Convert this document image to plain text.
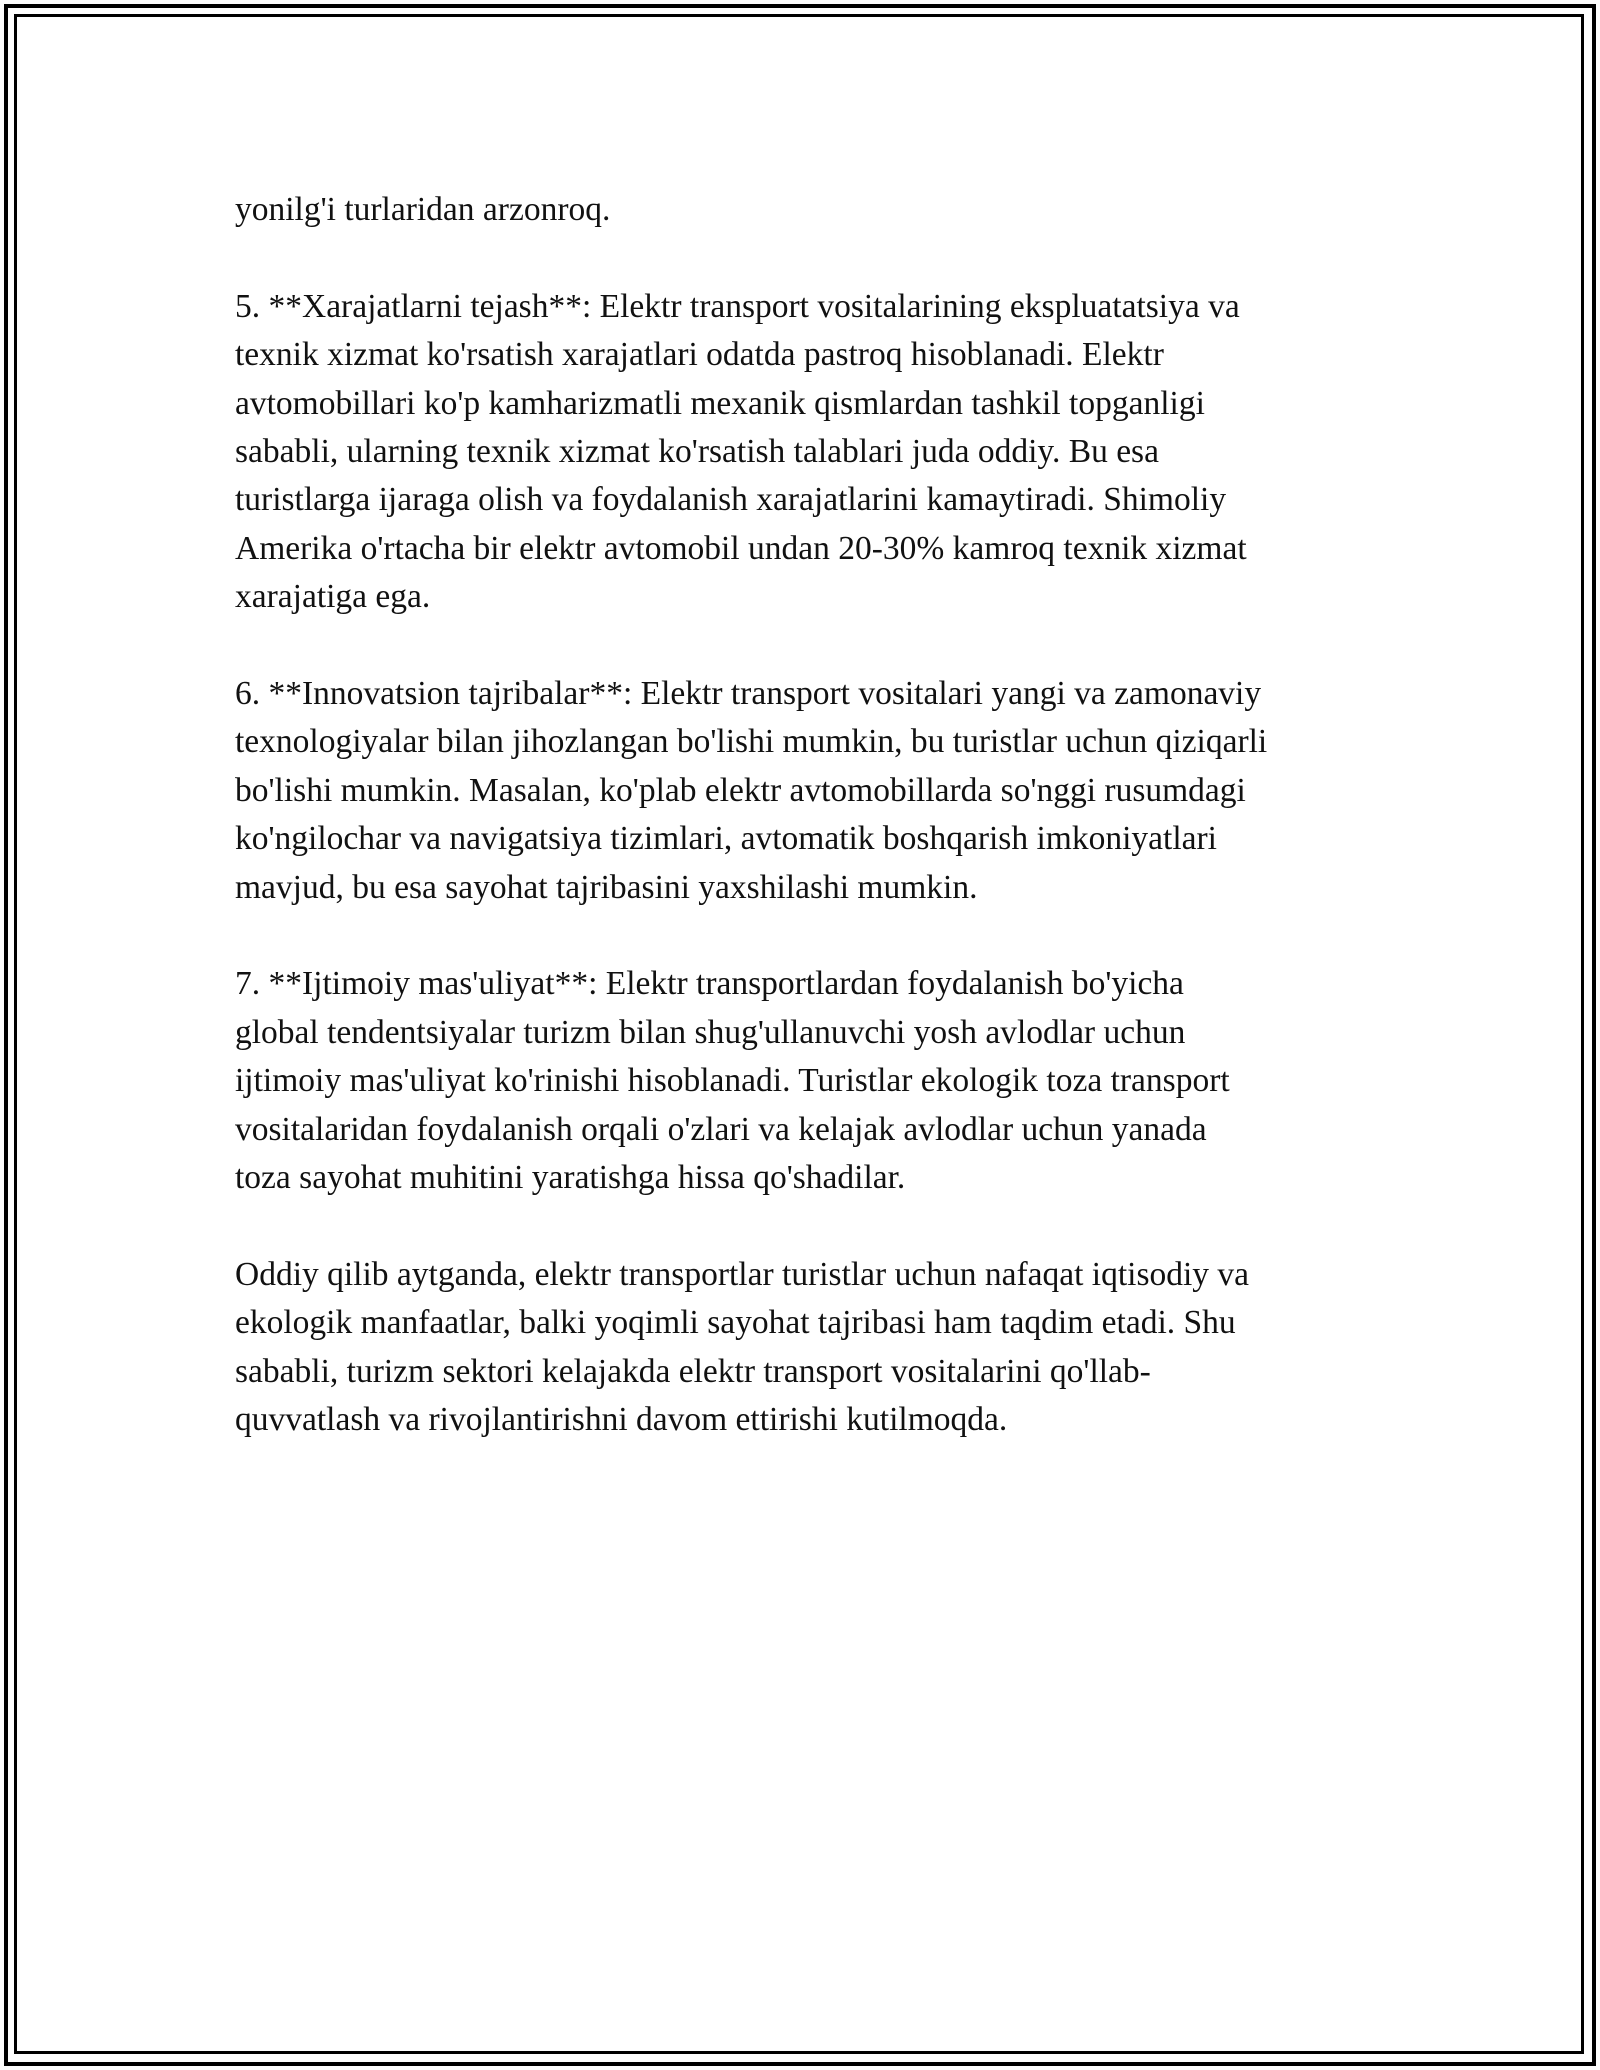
yonilg'i turlaridan arzonroq.

5. **Xarajatlarni tejash**: Elektr transport vositalarining ekspluatatsiya va
texnik xizmat ko'rsatish xarajatlari odatda pastroq hisoblanadi. Elektr
avtomobillari ko'p kamharizmatli mexanik qismlardan tashkil topganligi
sababli, ularning texnik xizmat ko'rsatish talablari juda oddiy. Bu esa
turistlarga ijaraga olish va foydalanish xarajatlarini kamaytiradi. Shimoliy
Amerika o'rtacha bir elektr avtomobil undan 20-30% kamroq texnik xizmat
xarajatiga ega.

6. **Innovatsion tajribalar**: Elektr transport vositalari yangi va zamonaviy
texnologiyalar bilan jihozlangan bo'lishi mumkin, bu turistlar uchun qiziqarli
bo'lishi mumkin. Masalan, ko'plab elektr avtomobillarda so'nggi rusumdagi
ko'ngilochar va navigatsiya tizimlari, avtomatik boshqarish imkoniyatlari
mavjud, bu esa sayohat tajribasini yaxshilashi mumkin.

7. **Ijtimoiy mas'uliyat**: Elektr transportlardan foydalanish bo'yicha
global tendentsiyalar turizm bilan shug'ullanuvchi yosh avlodlar uchun
ijtimoiy mas'uliyat ko'rinishi hisoblanadi. Turistlar ekologik toza transport
vositalaridan foydalanish orqali o'zlari va kelajak avlodlar uchun yanada
toza sayohat muhitini yaratishga hissa qo'shadilar.

Oddiy qilib aytganda, elektr transportlar turistlar uchun nafaqat iqtisodiy va
ekologik manfaatlar, balki yoqimli sayohat tajribasi ham taqdim etadi. Shu
sababli, turizm sektori kelajakda elektr transport vositalarini qo'llab-
quvvatlash va rivojlantirishni davom ettirishi kutilmoqda.
